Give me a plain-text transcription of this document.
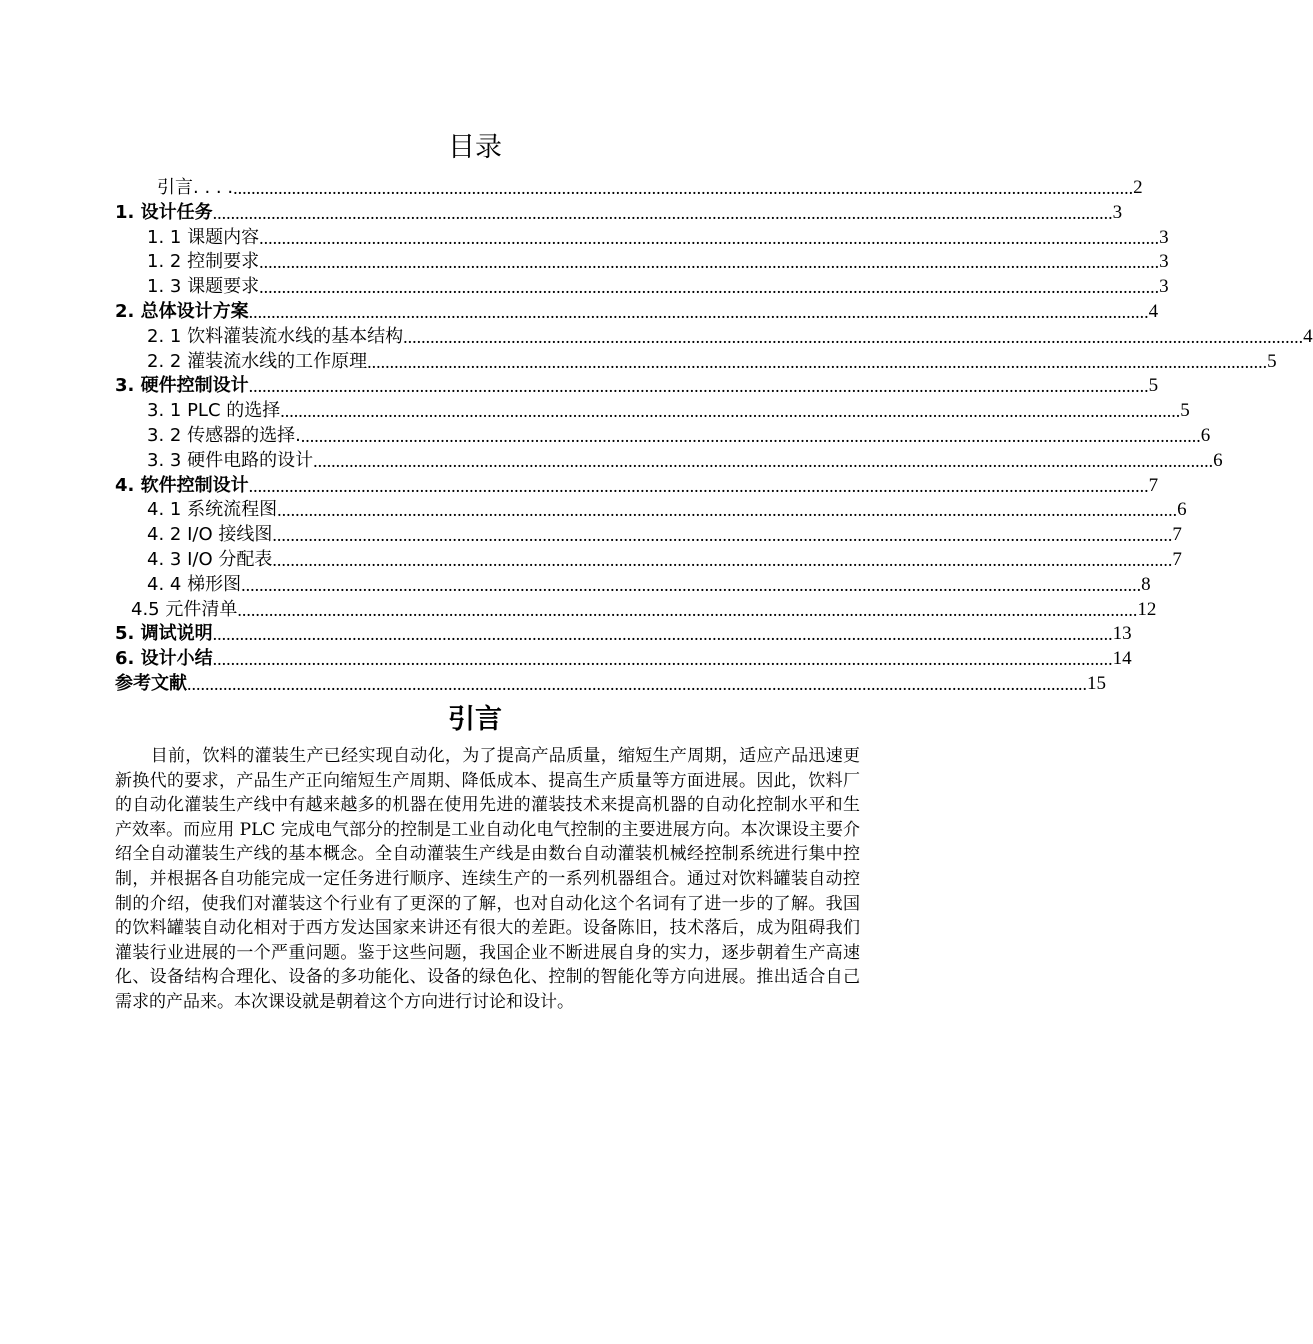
目录
引言. . . . ........................................................................................................................................................................................................ 2
1. 设计任务 ........................................................................................................................................................................................................ 3
1. 1 课题内容 ........................................................................................................................................................................................................ 3
1. 2 控制要求 ........................................................................................................................................................................................................ 3
1. 3 课题要求 ........................................................................................................................................................................................................ 3
2. 总体设计方案 ........................................................................................................................................................................................................ 4
2. 1 饮料灌装流水线的基本结构 ........................................................................................................................................................................................................ 4
2. 2 灌装流水线的工作原理 ........................................................................................................................................................................................................ 5
3. 硬件控制设计 ........................................................................................................................................................................................................ 5
3. 1 PLC 的选择 ........................................................................................................................................................................................................ 5
3. 2 传感器的选择. ........................................................................................................................................................................................................ 6
3. 3 硬件电路的设计 ........................................................................................................................................................................................................ 6
4. 软件控制设计 ........................................................................................................................................................................................................ 7
4. 1 系统流程图 ........................................................................................................................................................................................................ 6
4. 2 I/O 接线图 ........................................................................................................................................................................................................ 7
4. 3 I/O 分配表 ........................................................................................................................................................................................................ 7
4. 4 梯形图 ........................................................................................................................................................................................................ 8
4.5 元件清单 ........................................................................................................................................................................................................ 12
5. 调试说明 ........................................................................................................................................................................................................ 13
6. 设计小结 ........................................................................................................................................................................................................ 14
参考文献 ........................................................................................................................................................................................................ 15
引言

目前，饮料的灌装生产已经实现自动化，为了提高产品质量，缩短生产周期，适应产品迅速更新换代的要求，产品生产正向缩短生产周期、降低成本、提高生产质量等方面进展。因此，饮料厂的自动化灌装生产线中有越来越多的机器在使用先进的灌装技术来提高机器的自动化控制水平和生产效率。而应用 PLC 完成电气部分的控制是工业自动化电气控制的主要进展方向。本次课设主要介绍全自动灌装生产线的基本概念。全自动灌装生产线是由数台自动灌装机械经控制系统进行集中控制，并根据各自功能完成一定任务进行顺序、连续生产的一系列机器组合。通过对饮料罐装自动控制的介绍，使我们对灌装这个行业有了更深的了解，也对自动化这个名词有了进一步的了解。我国的饮料罐装自动化相对于西方发达国家来讲还有很大的差距。设备陈旧，技术落后，成为阻碍我们灌装行业进展的一个严重问题。鉴于这些问题，我国企业不断进展自身的实力，逐步朝着生产高速化、设备结构合理化、设备的多功能化、设备的绿色化、控制的智能化等方向进展。推出适合自己需求的产品来。本次课设就是朝着这个方向进行讨论和设计。
